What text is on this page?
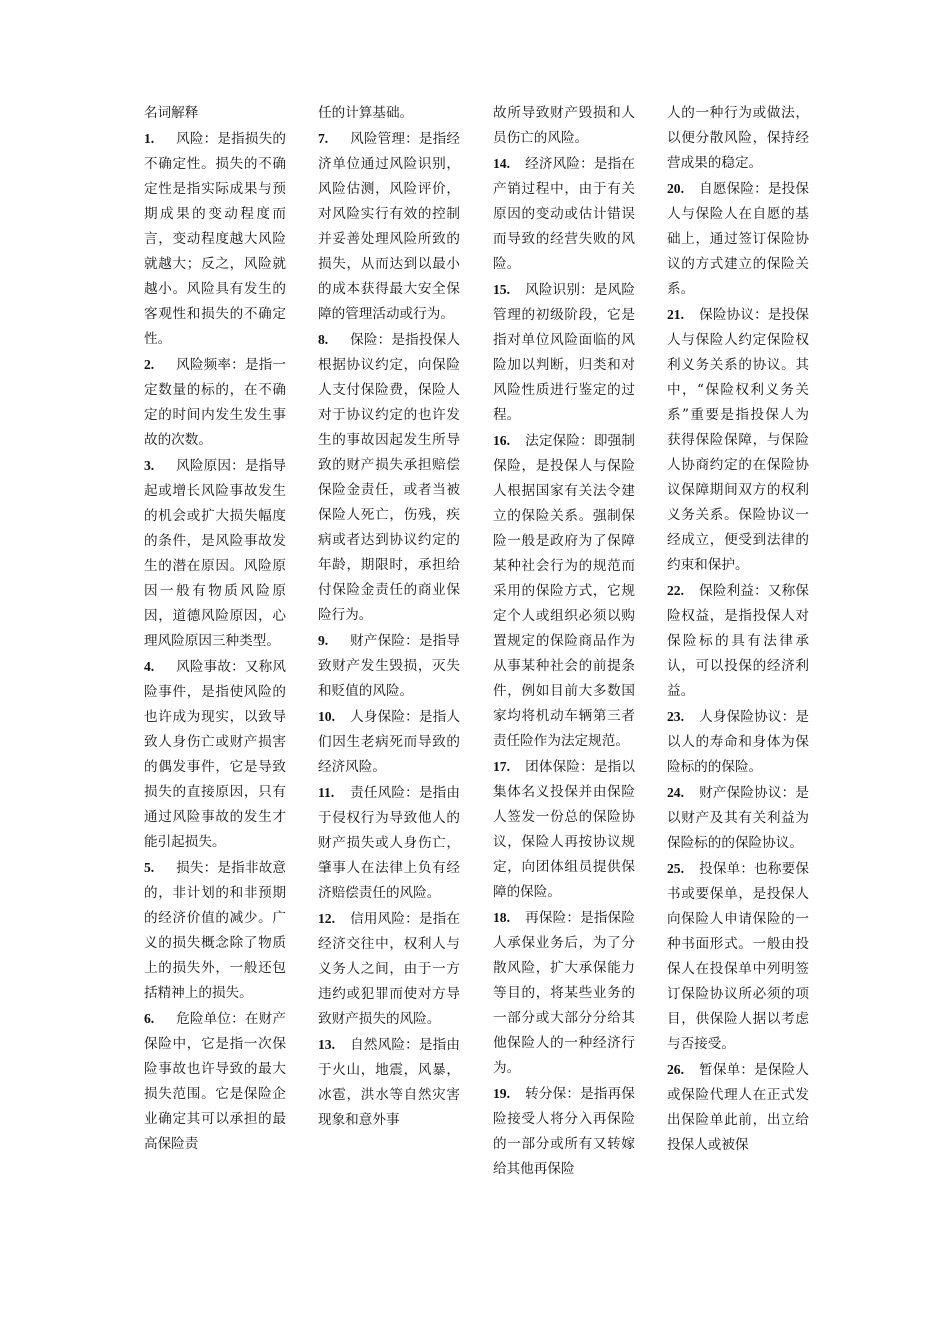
名词解释
1. 风险：是指损失的不确定性。损失的不确定性是指实际成果与预期成果的变动程度而言，变动程度越大风险就越大；反之，风险就越小。风险具有发生的客观性和损失的不确定性。
2. 风险频率：是指一定数量的标的，在不确定的时间内发生发生事故的次数。
3. 风险原因：是指导起或增长风险事故发生的机会或扩大损失幅度的条件，是风险事故发生的潜在原因。风险原因一般有物质风险原因，道德风险原因，心理风险原因三种类型。
4. 风险事故：又称风险事件，是指使风险的也许成为现实，以致导致人身伤亡或财产损害的偶发事件，它是导致损失的直接原因，只有通过风险事故的发生才能引起损失。
5. 损失：是指非故意的，非计划的和非预期的经济价值的减少。广义的损失概念除了物质上的损失外，一般还包括精神上的损失。
6. 危险单位：在财产保险中，它是指一次保险事故也许导致的最大损失范围。它是保险企业确定其可以承担的最高保险责
任的计算基础。
7. 风险管理：是指经济单位通过风险识别，风险估测，风险评价，对风险实行有效的控制并妥善处理风险所致的损失，从而达到以最小的成本获得最大安全保障的管理活动或行为。
8. 保险：是指投保人根据协议约定，向保险人支付保险费，保险人对于协议约定的也许发生的事故因起发生所导致的财产损失承担赔偿保险金责任，或者当被保险人死亡，伤残，疾病或者达到协议约定的年龄，期限时，承担给付保险金责任的商业保险行为。
9. 财产保险：是指导致财产发生毁损，灭失和贬值的风险。
10. 人身保险：是指人们因生老病死而导致的经济风险。
11. 责任风险：是指由于侵权行为导致他人的财产损失或人身伤亡，肇事人在法律上负有经济赔偿责任的风险。
12. 信用风险：是指在经济交往中，权利人与义务人之间，由于一方违约或犯罪而使对方导致财产损失的风险。
13. 自然风险：是指由于火山，地震，风暴，冰雹，洪水等自然灾害现象和意外事
故所导致财产毁损和人员伤亡的风险。
14. 经济风险：是指在产销过程中，由于有关原因的变动或估计错误而导致的经营失败的风险。
15. 风险识别：是风险管理的初级阶段，它是指对单位风险面临的风险加以判断，归类和对风险性质进行鉴定的过程。
16. 法定保险：即强制保险，是投保人与保险人根据国家有关法令建立的保险关系。强制保险一般是政府为了保障某种社会行为的规范而采用的保险方式，它规定个人或组织必须以购置规定的保险商品作为从事某种社会的前提条件，例如目前大多数国家均将机动车辆第三者责任险作为法定规范。
17. 团体保险：是指以集体名义投保并由保险人签发一份总的保险协议，保险人再按协议规定，向团体组员提供保障的保险。
18. 再保险：是指保险人承保业务后，为了分散风险，扩大承保能力等目的，将某些业务的一部分或大部分分给其他保险人的一种经济行为。
19. 转分保：是指再保险接受人将分入再保险的一部分或所有又转嫁给其他再保险
人的一种行为或做法，以便分散风险，保持经营成果的稳定。
20. 自愿保险：是投保人与保险人在自愿的基础上，通过签订保险协议的方式建立的保险关系。
21. 保险协议：是投保人与保险人约定保险权利义务关系的协议。其中，“保险权利义务关系”重要是指投保人为获得保险保障，与保险人协商约定的在保险协议保障期间双方的权利义务关系。保险协议一经成立，便受到法律的约束和保护。
22. 保险利益：又称保险权益，是指投保人对保险标的具有法律承认，可以投保的经济利益。
23. 人身保险协议：是以人的寿命和身体为保险标的的保险。
24. 财产保险协议：是以财产及其有关利益为保险标的的保险协议。
25. 投保单：也称要保书或要保单，是投保人向保险人申请保险的一种书面形式。一般由投保人在投保单中列明签订保险协议所必须的项目，供保险人据以考虑与否接受。
26. 暂保单：是保险人或保险代理人在正式发出保险单此前，出立给投保人或被保
